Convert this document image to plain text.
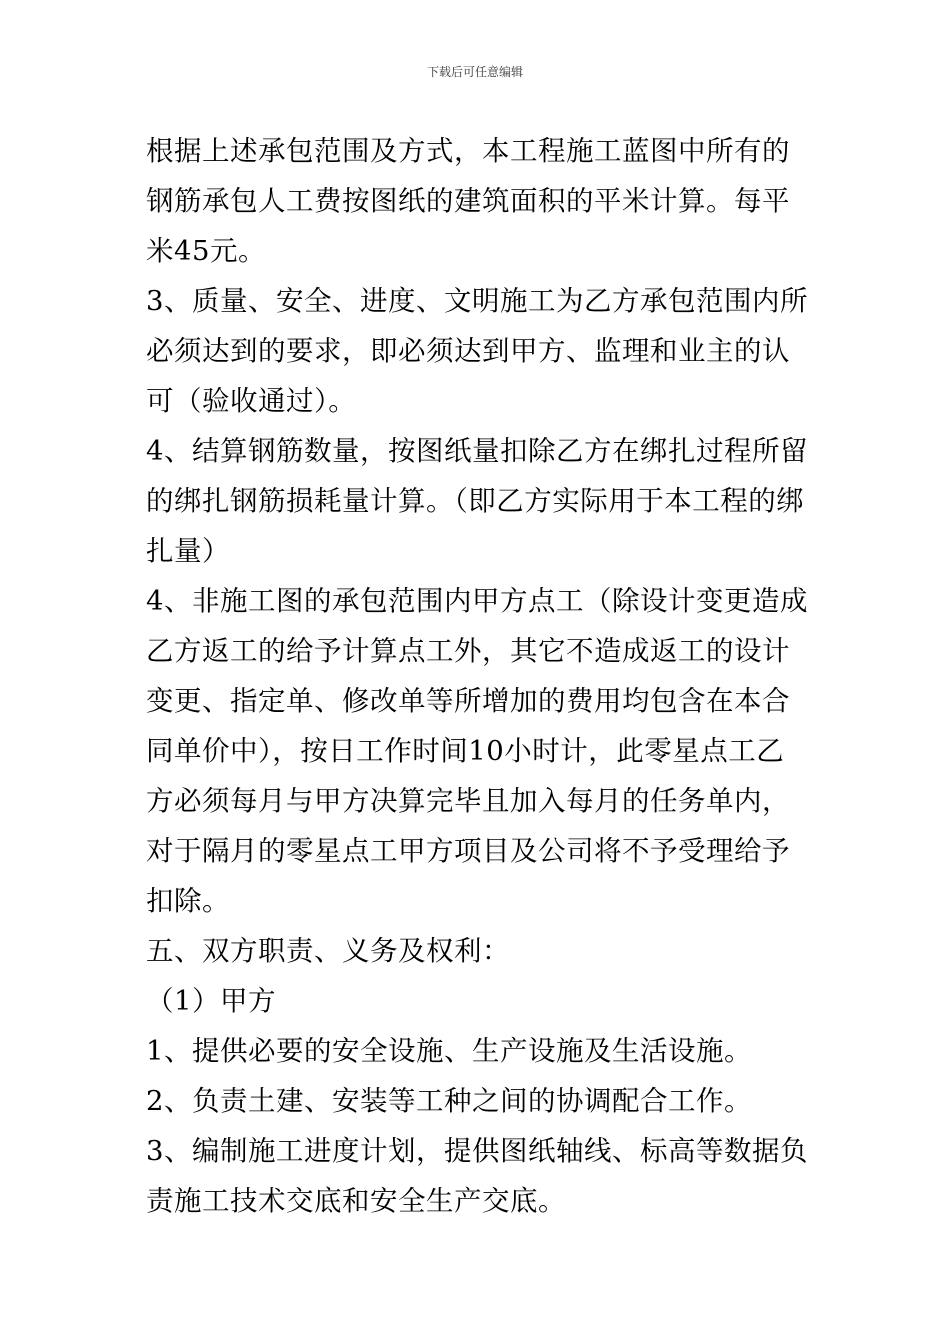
下载后可任意编辑

根据上述承包范围及方式，本工程施工蓝图中所有的钢筋承包人工费按图纸的建筑面积的平米计算。每平米45元。

3、质量、安全、进度、文明施工为乙方承包范围内所必须达到的要求，即必须达到甲方、监理和业主的认可（验收通过）。

4、结算钢筋数量，按图纸量扣除乙方在绑扎过程所留的绑扎钢筋损耗量计算。（即乙方实际用于本工程的绑扎量）

4、非施工图的承包范围内甲方点工（除设计变更造成乙方返工的给予计算点工外，其它不造成返工的设计变更、指定单、修改单等所增加的费用均包含在本合同单价中），按日工作时间10小时计，此零星点工乙方必须每月与甲方决算完毕且加入每月的任务单内，对于隔月的零星点工甲方项目及公司将不予受理给予扣除。

五、双方职责、义务及权利：

（1）甲方

1、提供必要的安全设施、生产设施及生活设施。

2、负责土建、安装等工种之间的协调配合工作。

3、编制施工进度计划，提供图纸轴线、标高等数据负责施工技术交底和安全生产交底。
